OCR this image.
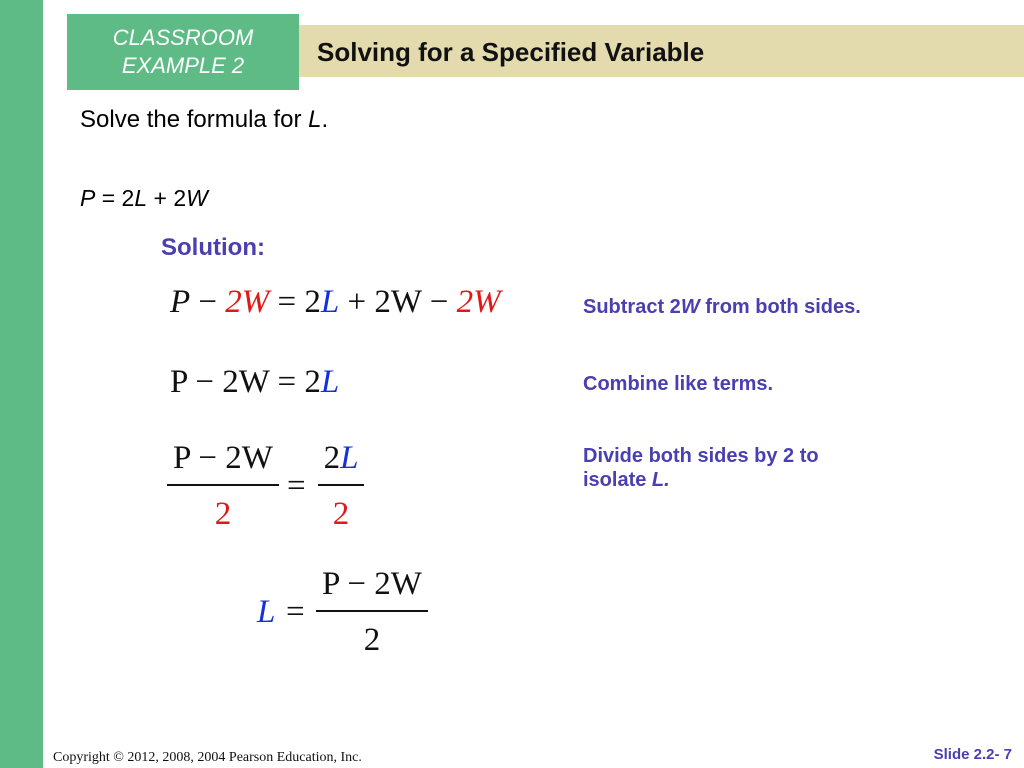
CLASSROOM
EXAMPLE 2	Solving for a Specified Variable
Solve the formula for L.
P = 2L + 2W
Solution:
P − 2W = 2L + 2W − 2W
P − 2W = 2L
P − 2W
2
=
2L
2
L =
P − 2W
2
Subtract 2W from both sides.
Combine like terms.
Divide both sides by 2 to
isolate L.
Copyright © 2012, 2008, 2004 Pearson Education, Inc.	Slide 2.2- 7
